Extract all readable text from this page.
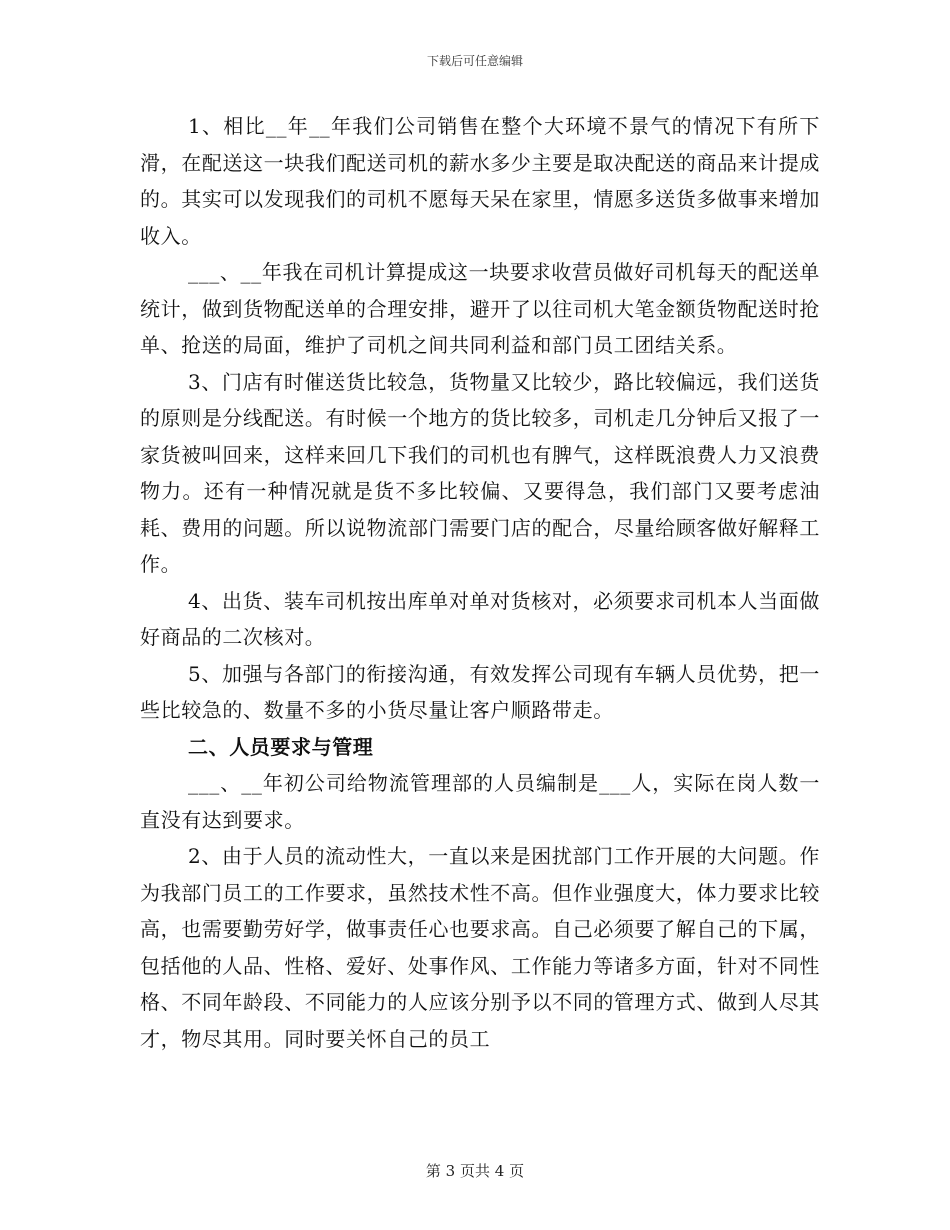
下载后可任意编辑

1、相比__年__年我们公司销售在整个大环境不景气的情况下有所下滑，在配送这一块我们配送司机的薪水多少主要是取决配送的商品来计提成的。其实可以发现我们的司机不愿每天呆在家里，情愿多送货多做事来增加收入。

___、__年我在司机计算提成这一块要求收营员做好司机每天的配送单统计，做到货物配送单的合理安排，避开了以往司机大笔金额货物配送时抢单、抢送的局面，维护了司机之间共同利益和部门员工团结关系。

3、门店有时催送货比较急，货物量又比较少，路比较偏远，我们送货的原则是分线配送。有时候一个地方的货比较多，司机走几分钟后又报了一家货被叫回来，这样来回几下我们的司机也有脾气，这样既浪费人力又浪费物力。还有一种情况就是货不多比较偏、又要得急，我们部门又要考虑油耗、费用的问题。所以说物流部门需要门店的配合，尽量给顾客做好解释工作。

4、出货、装车司机按出库单对单对货核对，必须要求司机本人当面做好商品的二次核对。

5、加强与各部门的衔接沟通，有效发挥公司现有车辆人员优势，把一些比较急的、数量不多的小货尽量让客户顺路带走。

二、人员要求与管理

___、__年初公司给物流管理部的人员编制是___人，实际在岗人数一直没有达到要求。

2、由于人员的流动性大，一直以来是困扰部门工作开展的大问题。作为我部门员工的工作要求，虽然技术性不高。但作业强度大，体力要求比较高，也需要勤劳好学，做事责任心也要求高。自己必须要了解自己的下属，包括他的人品、性格、爱好、处事作风、工作能力等诸多方面，针对不同性格、不同年龄段、不同能力的人应该分别予以不同的管理方式、做到人尽其才，物尽其用。同时要关怀自己的员工

第 3 页共 4 页
